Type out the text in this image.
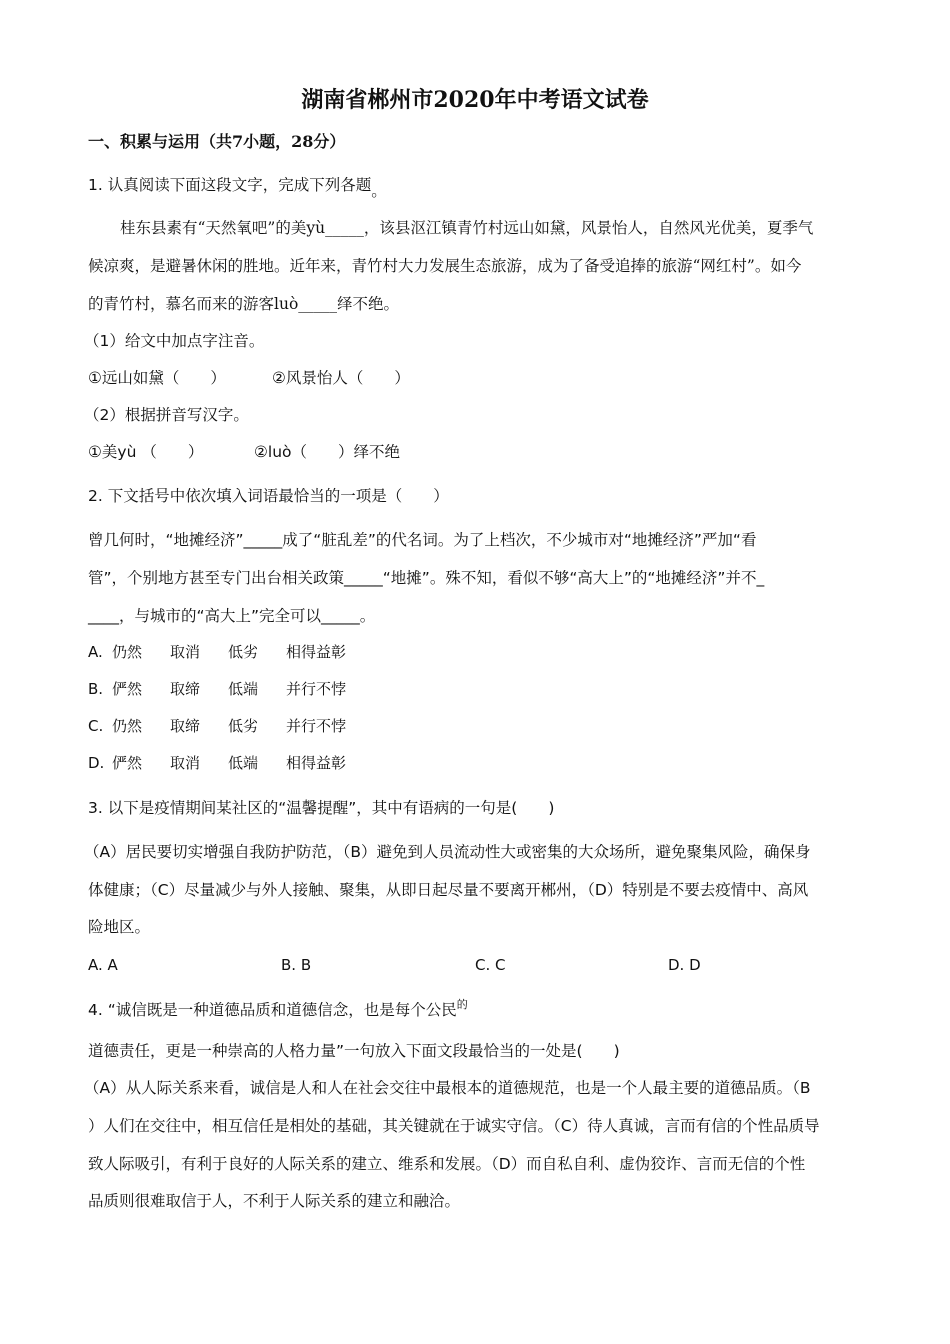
湖南省郴州市2020年中考语文试卷
一、积累与运用（共7小题，28分）
1. 认真阅读下面这段文字，完成下列各题。
桂东县素有“天然氧吧”的美yù_____，该县沤江镇青竹村远山如黛，风景怡人，自然风光优美，夏季气
候凉爽，是避暑休闲的胜地。近年来，青竹村大力发展生态旅游，成为了备受追捧的旅游“网红村”。如今
的青竹村，慕名而来的游客luò_____绎不绝。
（1）给文中加点字注音。
①远山如黛（　　）	②风景怡人（　　）
（2）根据拼音写汉字。
①美yù （　　）	②luò（　　）绎不绝
2. 下文括号中依次填入词语最恰当的一项是（　　）
曾几何时，“地摊经济”_____成了“脏乱差”的代名词。为了上档次，不少城市对“地摊经济”严加“看
管”，个别地方甚至专门出台相关政策_____“地摊”。殊不知，看似不够“高大上”的“地摊经济”并不_
____，与城市的“高大上”完全可以_____。
A. 仍然 取消 低劣 相得益彰
B. 俨然 取缔 低端 并行不悖
C. 仍然 取缔 低劣 并行不悖
D. 俨然 取消 低端 相得益彰
3. 以下是疫情期间某社区的“温馨提醒”，其中有语病的一句是(　　)
（A）居民要切实增强自我防护防范，（B）避免到人员流动性大或密集的大众场所，避免聚集风险，确保身
体健康；（C）尽量减少与外人接触、聚集，从即日起尽量不要离开郴州，（D）特别是不要去疫情中、高风
险地区。
A. A	B. B	C. C	D. D
4. “诚信既是一种道德品质和道德信念，也是每个公民$^的$
道德责任，更是一种崇高的人格力量”一句放入下面文段最恰当的一处是(　　)
（A）从人际关系来看，诚信是人和人在社会交往中最根本的道德规范，也是一个人最主要的道德品质。（B
）人们在交往中，相互信任是相处的基础，其关键就在于诚实守信。（C）待人真诚，言而有信的个性品质导
致人际吸引，有利于良好的人际关系的建立、维系和发展。（D）而自私自利、虚伪狡诈、言而无信的个性
品质则很难取信于人，不利于人际关系的建立和融洽。
